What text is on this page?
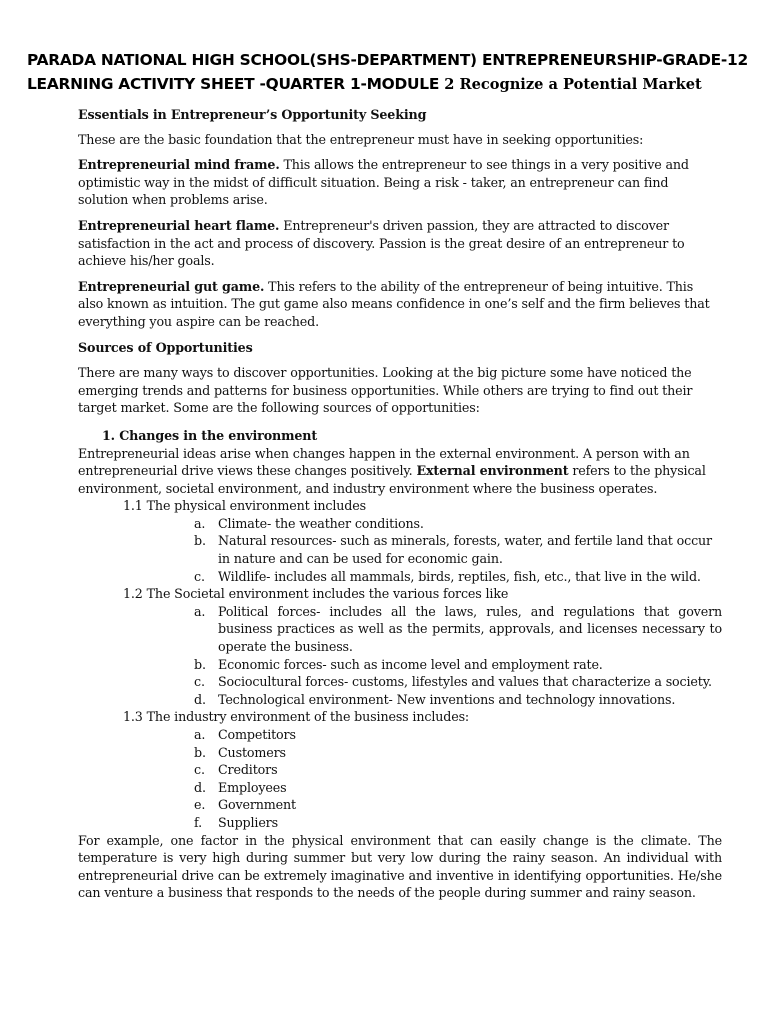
PARADA NATIONAL HIGH SCHOOL(SHS-DEPARTMENT) ENTREPRENEURSHIP-GRADE-12
LEARNING ACTIVITY SHEET -QUARTER 1-MODULE 2 Recognize a Potential Market

Essentials in Entrepreneur’s Opportunity Seeking

These are the basic foundation that the entrepreneur must have in seeking opportunities:

Entrepreneurial mind frame. This allows the entrepreneur to see things in a very positive and optimistic way in the midst of difficult situation. Being a risk - taker, an entrepreneur can find solution when problems arise.

Entrepreneurial heart flame. Entrepreneur's driven passion, they are attracted to discover satisfaction in the act and process of discovery. Passion is the great desire of an entrepreneur to achieve his/her goals.

Entrepreneurial gut game. This refers to the ability of the entrepreneur of being intuitive. This also known as intuition. The gut game also means confidence in one’s self and the firm believes that everything you aspire can be reached.

Sources of Opportunities

There are many ways to discover opportunities. Looking at the big picture some have noticed the emerging trends and patterns for business opportunities. While others are trying to find out their target market. Some are the following sources of opportunities:

1. Changes in the environment

Entrepreneurial ideas arise when changes happen in the external environment. A person with an entrepreneurial drive views these changes positively. External environment refers to the physical environment, societal environment, and industry environment where the business operates.

1.1 The physical environment includes

a. Climate- the weather conditions.
b. Natural resources- such as minerals, forests, water, and fertile land that occur in nature and can be used for economic gain.
c.	Wildlife- includes all mammals, birds, reptiles, fish, etc., that live in the wild.

1.2 The Societal environment includes the various forces like

a. Political forces- includes all the laws, rules, and regulations that govern business practices as well as the permits, approvals, and licenses necessary to operate the business.
b. Economic forces- such as income level and employment rate.
c.	Sociocultural forces- customs, lifestyles and values that characterize a society.
d. Technological environment- New inventions and technology innovations.

1.3 The industry environment of the business includes:

a. Competitors
b. Customers
c.	Creditors
d. Employees
e.	Government
f.	Suppliers

For example, one factor in the physical environment that can easily change is the climate. The temperature is very high during summer but very low during the rainy season. An individual with entrepreneurial drive can be extremely imaginative and inventive in identifying opportunities. He/she can venture a business that responds to the needs of the people during summer and rainy season.
